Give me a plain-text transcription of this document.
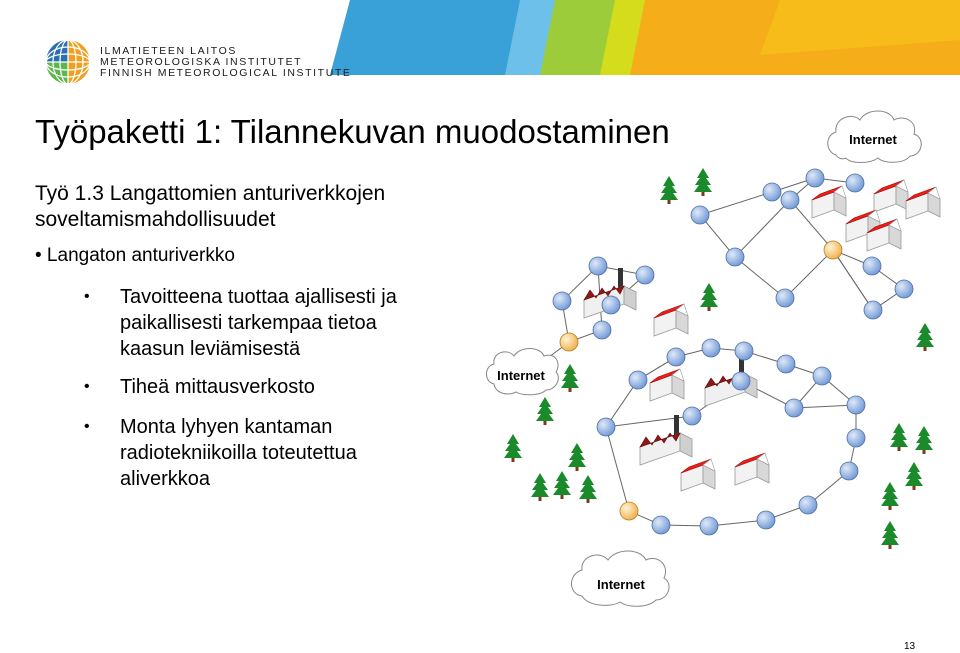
ILMATIETEEN LAITOS
METEOROLOGISKA INSTITUTET
FINNISH METEOROLOGICAL INSTITUTE
Työpaketti 1: Tilannekuvan muodostaminen
Työ 1.3 Langattomien anturiverkkojen soveltamismahdollisuudet
• Langaton anturiverkko
• Tavoitteena tuottaa ajallisesti ja
paikallisesti tarkempaa tietoa
kaasun leviämisestä
• Tiheä mittausverkosto
• Monta lyhyen kantaman
radiotekniikoilla toteutettua
aliverkkoa
Internet
Internet
Internet
13
